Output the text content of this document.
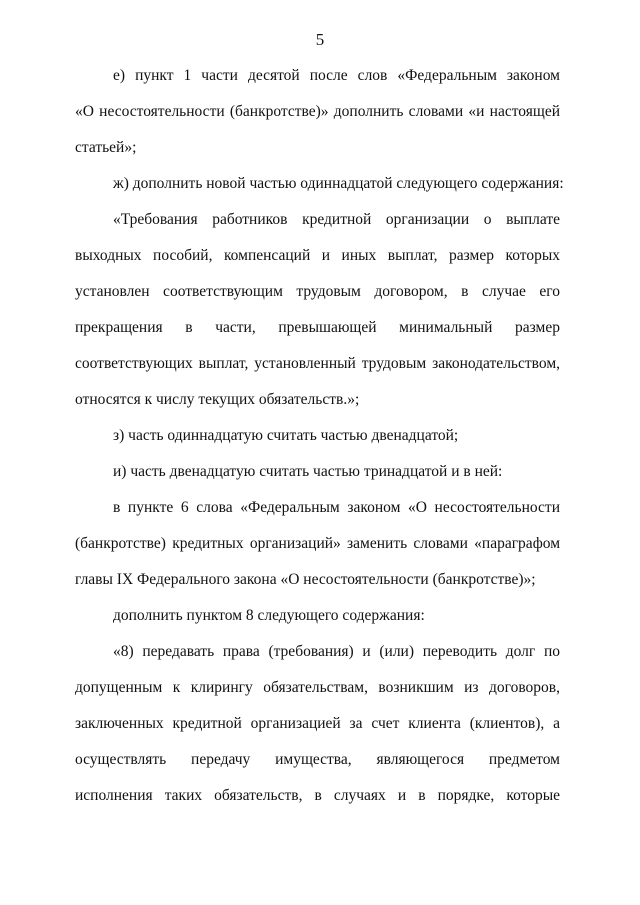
5
е) пункт 1 части десятой после слов «Федеральным законом
«О несостоятельности (банкротстве)» дополнить словами «и настоящей
статьей»;
ж) дополнить новой частью одиннадцатой следующего содержания:
«Требования работников кредитной организации о выплате
выходных пособий, компенсаций и иных выплат, размер которых
установлен соответствующим трудовым договором, в случае его
прекращения в части, превышающей минимальный размер
соответствующих выплат, установленный трудовым законодательством,
относятся к числу текущих обязательств.»;
з) часть одиннадцатую считать частью двенадцатой;
и) часть двенадцатую считать частью тринадцатой и в ней:
в пункте 6 слова «Федеральным законом «О несостоятельности
(банкротстве) кредитных организаций» заменить словами «параграфом
главы IX Федерального закона «О несостоятельности (банкротстве)»;
дополнить пунктом 8 следующего содержания:
«8) передавать права (требования) и (или) переводить долг по
допущенным к клирингу обязательствам, возникшим из договоров,
заключенных кредитной организацией за счет клиента (клиентов), а
осуществлять передачу имущества, являющегося предметом
исполнения таких обязательств, в случаях и в порядке, которые
